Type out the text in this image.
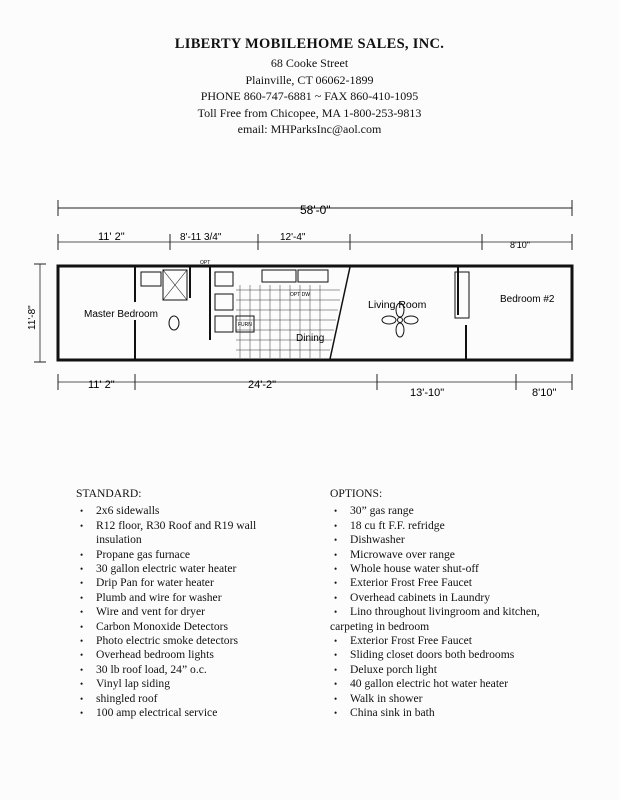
LIBERTY MOBILEHOME SALES, INC.
68 Cooke Street
Plainville, CT 06062-1899
PHONE 860-747-6881 ~ FAX 860-410-1095
Toll Free from Chicopee, MA 1-800-253-9813
email: MHParksInc@aol.com
58'-0"
11' 2"	8'-11 3/4"	12'-4"
8'10"
11'-8"
OPT
OPT DW
FURN
Master Bedroom
Living Room
Dining
Bedroom #2
11' 2"	24'-2"
13'-10"	8'10"
STANDARD:
• 2x6 sidewalls
• R12 floor, R30 Roof and R19 wall
insulation
• Propane gas furnace
• 30 gallon electric water heater
• Drip Pan for water heater
• Plumb and wire for washer
• Wire and vent for dryer
• Carbon Monoxide Detectors
• Photo electric smoke detectors
• Overhead bedroom lights
• 30 lb roof load, 24” o.c.
• Vinyl lap siding
• shingled roof
• 100 amp electrical service
OPTIONS:
• 30” gas range
• 18 cu ft F.F. refridge
• Dishwasher
• Microwave over range
• Whole house water shut-off
• Exterior Frost Free Faucet
• Overhead cabinets in Laundry
• Lino throughout livingroom and kitchen,
carpeting in bedroom
• Exterior Frost Free Faucet
• Sliding closet doors both bedrooms
• Deluxe porch light
• 40 gallon electric hot water heater
• Walk in shower
• China sink in bath
